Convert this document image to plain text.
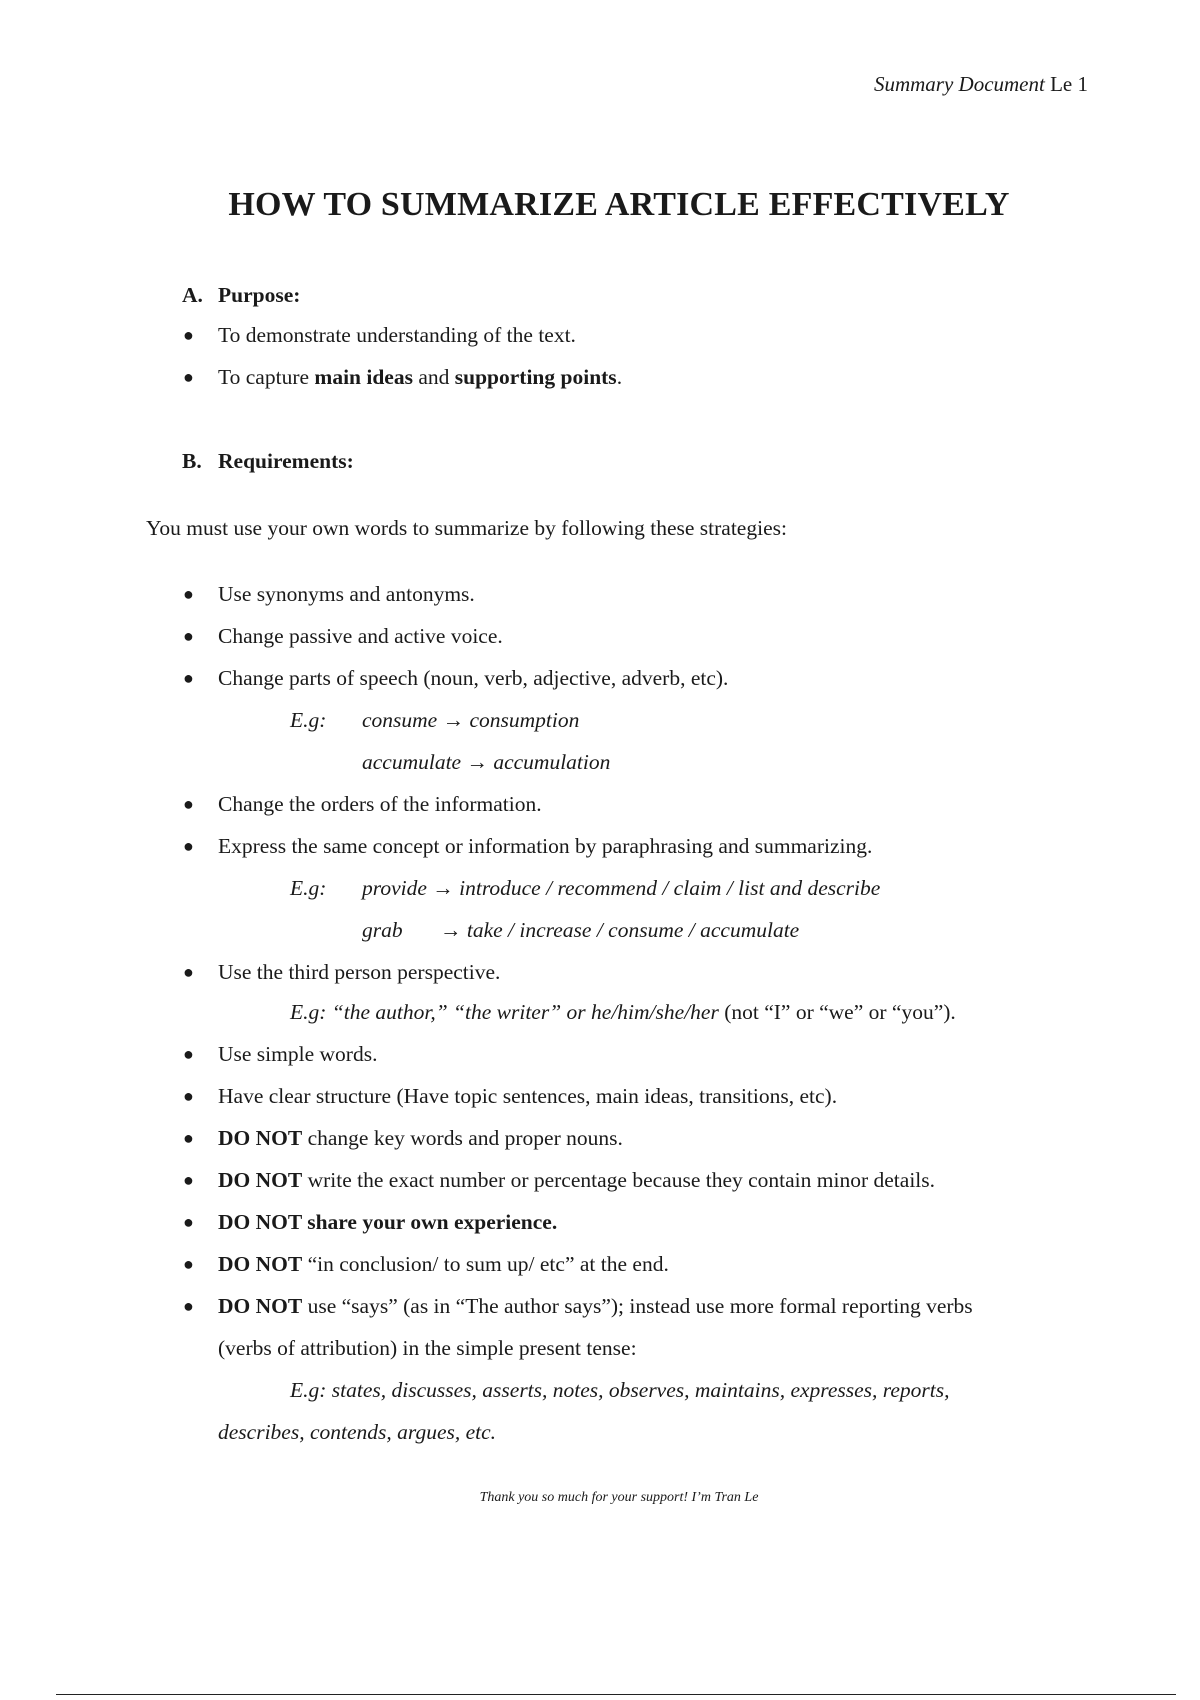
Summary Document Le 1
HOW TO SUMMARIZE ARTICLE EFFECTIVELY
A. Purpose:
● To demonstrate understanding of the text.
● To capture main ideas and supporting points.
B. Requirements:
You must use your own words to summarize by following these strategies:
● Use synonyms and antonyms.
● Change passive and active voice.
● Change parts of speech (noun, verb, adjective, adverb, etc).
E.g: consume → consumption
accumulate → accumulation
● Change the orders of the information.
● Express the same concept or information by paraphrasing and summarizing.
E.g: provide → introduce / recommend / claim / list and describe
grab → take / increase / consume / accumulate
● Use the third person perspective.
E.g: “the author,” “the writer” or he/him/she/her (not “I” or “we” or “you”).
● Use simple words.
● Have clear structure (Have topic sentences, main ideas, transitions, etc).
● DO NOT change key words and proper nouns.
● DO NOT write the exact number or percentage because they contain minor details.
● DO NOT share your own experience.
● DO NOT “in conclusion/ to sum up/ etc” at the end.
● DO NOT use “says” (as in “The author says”); instead use more formal reporting verbs
(verbs of attribution) in the simple present tense:
E.g: states, discusses, asserts, notes, observes, maintains, expresses, reports,
describes, contends, argues, etc.
Thank you so much for your support! I’m Tran Le
